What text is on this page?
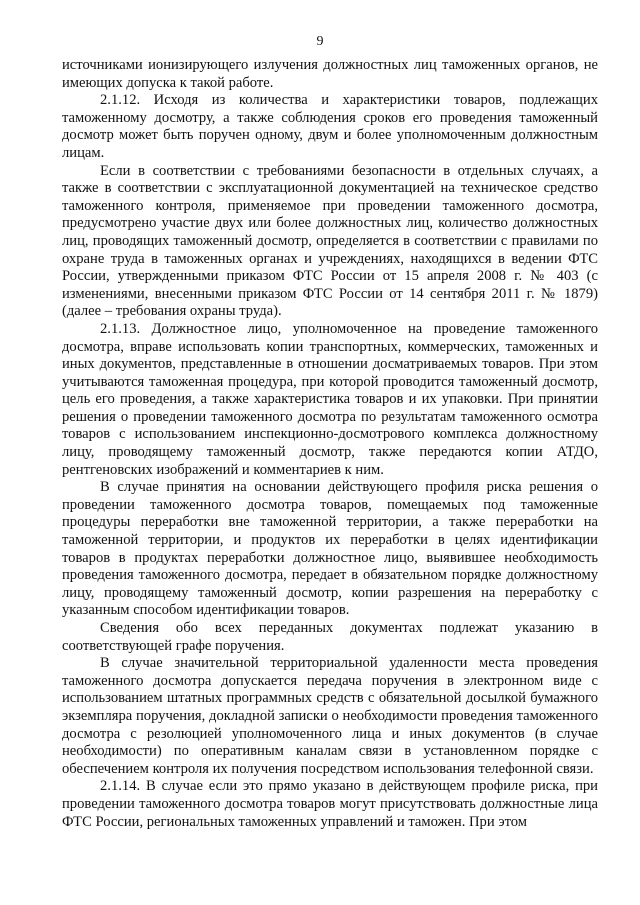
9

источниками ионизирующего излучения должностных лиц таможенных органов, не имеющих допуска к такой работе.

2.1.12. Исходя из количества и характеристики товаров, подлежащих таможенному досмотру, а также соблюдения сроков его проведения таможенный досмотр может быть поручен одному, двум и более уполномоченным должностным лицам.

Если в соответствии с требованиями безопасности в отдельных случаях, а также в соответствии с эксплуатационной документацией на техническое средство таможенного контроля, применяемое при проведении таможенного досмотра, предусмотрено участие двух или более должностных лиц, количество должностных лиц, проводящих таможенный досмотр, определяется в соответствии с правилами по охране труда в таможенных органах и учреждениях, находящихся в ведении ФТС России, утвержденными приказом ФТС России от 15 апреля 2008 г. № 403 (с изменениями, внесенными приказом ФТС России от 14 сентября 2011 г. № 1879) (далее – требования охраны труда).

2.1.13. Должностное лицо, уполномоченное на проведение таможенного досмотра, вправе использовать копии транспортных, коммерческих, таможенных и иных документов, представленные в отношении досматриваемых товаров. При этом учитываются таможенная процедура, при которой проводится таможенный досмотр, цель его проведения, а также характеристика товаров и их упаковки. При принятии решения о проведении таможенного досмотра по результатам таможенного осмотра товаров с использованием инспекционно-досмотрового комплекса должностному лицу, проводящему таможенный досмотр, также передаются копии АТДО, рентгеновских изображений и комментариев к ним.

В случае принятия на основании действующего профиля риска решения о проведении таможенного досмотра товаров, помещаемых под таможенные процедуры переработки вне таможенной территории, а также переработки на таможенной территории, и продуктов их переработки в целях идентификации товаров в продуктах переработки должностное лицо, выявившее необходимость проведения таможенного досмотра, передает в обязательном порядке должностному лицу, проводящему таможенный досмотр, копии разрешения на переработку с указанным способом идентификации товаров.

Сведения обо всех переданных документах подлежат указанию в соответствующей графе поручения.

В случае значительной территориальной удаленности места проведения таможенного досмотра допускается передача поручения в электронном виде с использованием штатных программных средств с обязательной досылкой бумажного экземпляра поручения, докладной записки о необходимости проведения таможенного досмотра с резолюцией уполномоченного лица и иных документов (в случае необходимости) по оперативным каналам связи в установленном порядке с обеспечением контроля их получения посредством использования телефонной связи.

2.1.14. В случае если это прямо указано в действующем профиле риска, при проведении таможенного досмотра товаров могут присутствовать должностные лица ФТС России, региональных таможенных управлений и таможен. При этом
